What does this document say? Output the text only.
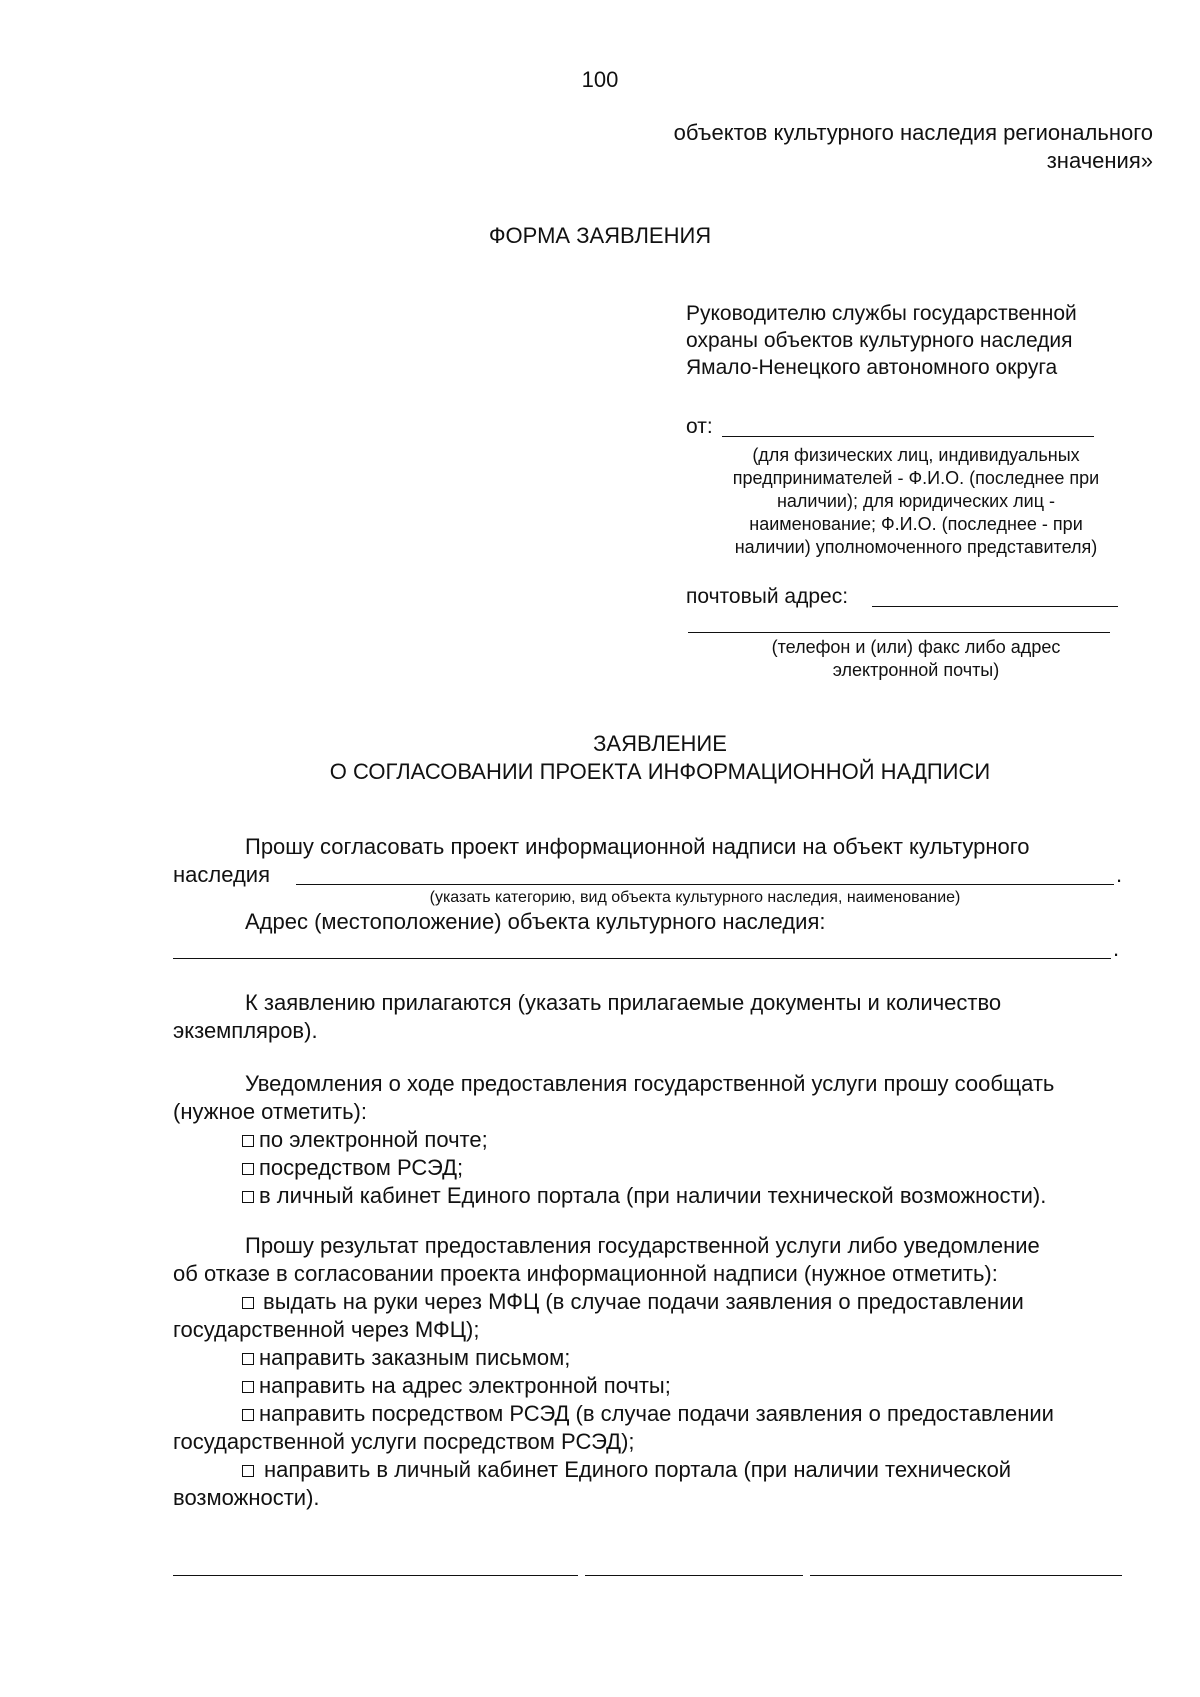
100
объектов культурного наследия регионального
значения»
ФОРМА ЗАЯВЛЕНИЯ
Руководителю службы государственной
охраны объектов культурного наследия
Ямало-Ненецкого автономного округа
от:
(для физических лиц, индивидуальных
предпринимателей - Ф.И.О. (последнее при
наличии); для юридических лиц -
наименование; Ф.И.О. (последнее - при
наличии) уполномоченного представителя)
почтовый адрес:
(телефон и (или) факс либо адрес
электронной почты)
ЗАЯВЛЕНИЕ
О СОГЛАСОВАНИИ ПРОЕКТА ИНФОРМАЦИОННОЙ НАДПИСИ
Прошу согласовать проект информационной надписи на объект культурного
наследия	.
(указать категорию, вид объекта культурного наследия, наименование)
Адрес (местоположение) объекта культурного наследия:
.
К заявлению прилагаются (указать прилагаемые документы и количество
экземпляров).
Уведомления о ходе предоставления государственной услуги прошу сообщать
(нужное отметить):
по электронной почте;
посредством РСЭД;
в личный кабинет Единого портала (при наличии технической возможности).
Прошу результат предоставления государственной услуги либо уведомление
об отказе в согласовании проекта информационной надписи (нужное отметить):
выдать на руки через МФЦ (в случае подачи заявления о предоставлении
государственной через МФЦ);
направить заказным письмом;
направить на адрес электронной почты;
направить посредством РСЭД (в случае подачи заявления о предоставлении
государственной услуги посредством РСЭД);
направить в личный кабинет Единого портала (при наличии технической
возможности).
